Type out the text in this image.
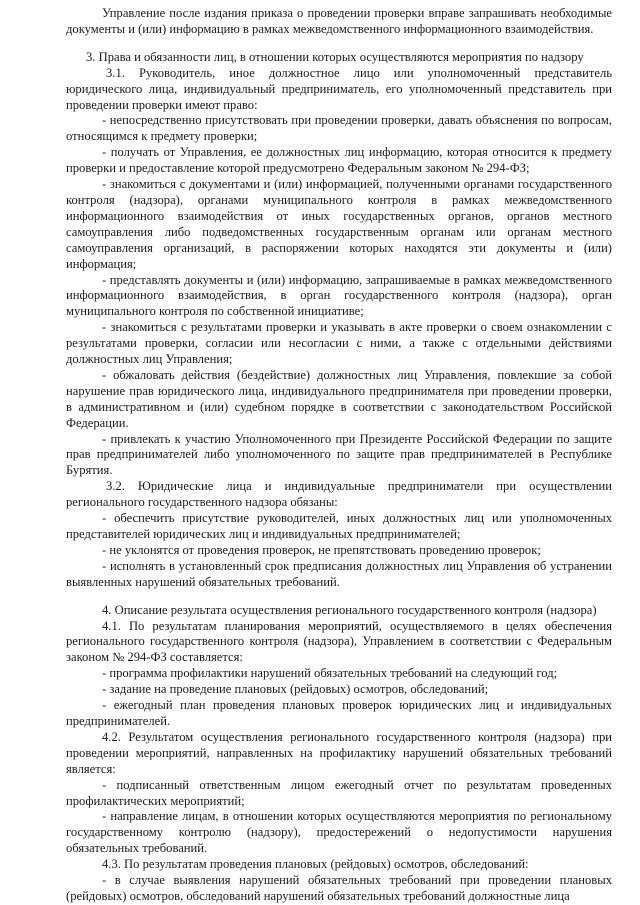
Управление после издания приказа о проведении проверки вправе запрашивать необходимые документы и (или) информацию в рамках межведомственного информационного взаимодействия.

3. Права и обязанности лиц, в отношении которых осуществляются мероприятия по надзору

3.1. Руководитель, иное должностное лицо или уполномоченный представитель юридического лица, индивидуальный предприниматель, его уполномоченный представитель при проведении проверки имеют право:

- непосредственно присутствовать при проведении проверки, давать объяснения по вопросам, относящимся к предмету проверки;

- получать от Управления, ее должностных лиц информацию, которая относится к предмету проверки и предоставление которой предусмотрено Федеральным законом № 294-ФЗ;

- знакомиться с документами и (или) информацией, полученными органами государственного контроля (надзора), органами муниципального контроля в рамках межведомственного информационного взаимодействия от иных государственных органов, органов местного самоуправления либо подведомственных государственным органам или органам местного самоуправления организаций, в распоряжении которых находятся эти документы и (или) информация;

- представлять документы и (или) информацию, запрашиваемые в рамках межведомственного информационного взаимодействия, в орган государственного контроля (надзора), орган муниципального контроля по собственной инициативе;

- знакомиться с результатами проверки и указывать в акте проверки о своем ознакомлении с результатами проверки, согласии или несогласии с ними, а также с отдельными действиями должностных лиц Управления;

- обжаловать действия (бездействие) должностных лиц Управления, повлекшие за собой нарушение прав юридического лица, индивидуального предпринимателя при проведении проверки, в административном и (или) судебном порядке в соответствии с законодательством Российской Федерации.

- привлекать к участию Уполномоченного при Президенте Российской Федерации по защите прав предпринимателей либо уполномоченного по защите прав предпринимателей в Республике Бурятия.

3.2. Юридические лица и индивидуальные предприниматели при осуществлении регионального государственного надзора обязаны:

- обеспечить присутствие руководителей, иных должностных лиц или уполномоченных представителей юридических лиц и индивидуальных предпринимателей;

- не уклонятся от проведения проверок, не препятствовать проведению проверок;

- исполнять в установленный срок предписания должностных лиц Управления об устранении выявленных нарушений обязательных требований.

4. Описание результата осуществления регионального государственного контроля (надзора)

4.1. По результатам планирования мероприятий, осуществляемого в целях обеспечения регионального государственного контроля (надзора), Управлением в соответствии с Федеральным законом № 294-ФЗ составляется:

- программа профилактики нарушений обязательных требований на следующий год;

- задание на проведение плановых (рейдовых) осмотров, обследований;

- ежегодный план проведения плановых проверок юридических лиц и индивидуальных предпринимателей.

4.2. Результатом осуществления регионального государственного контроля (надзора) при проведении мероприятий, направленных на профилактику нарушений обязательных требований является:

- подписанный ответственным лицом ежегодный отчет по результатам проведенных профилактических мероприятий;

- направление лицам, в отношении которых осуществляются мероприятия по региональному государственному контролю (надзору), предостережений о недопустимости нарушения обязательных требований.

4.3. По результатам проведения плановых (рейдовых) осмотров, обследований:

- в случае выявления нарушений обязательных требований при проведении плановых (рейдовых) осмотров, обследований нарушений обязательных требований должностные лица
